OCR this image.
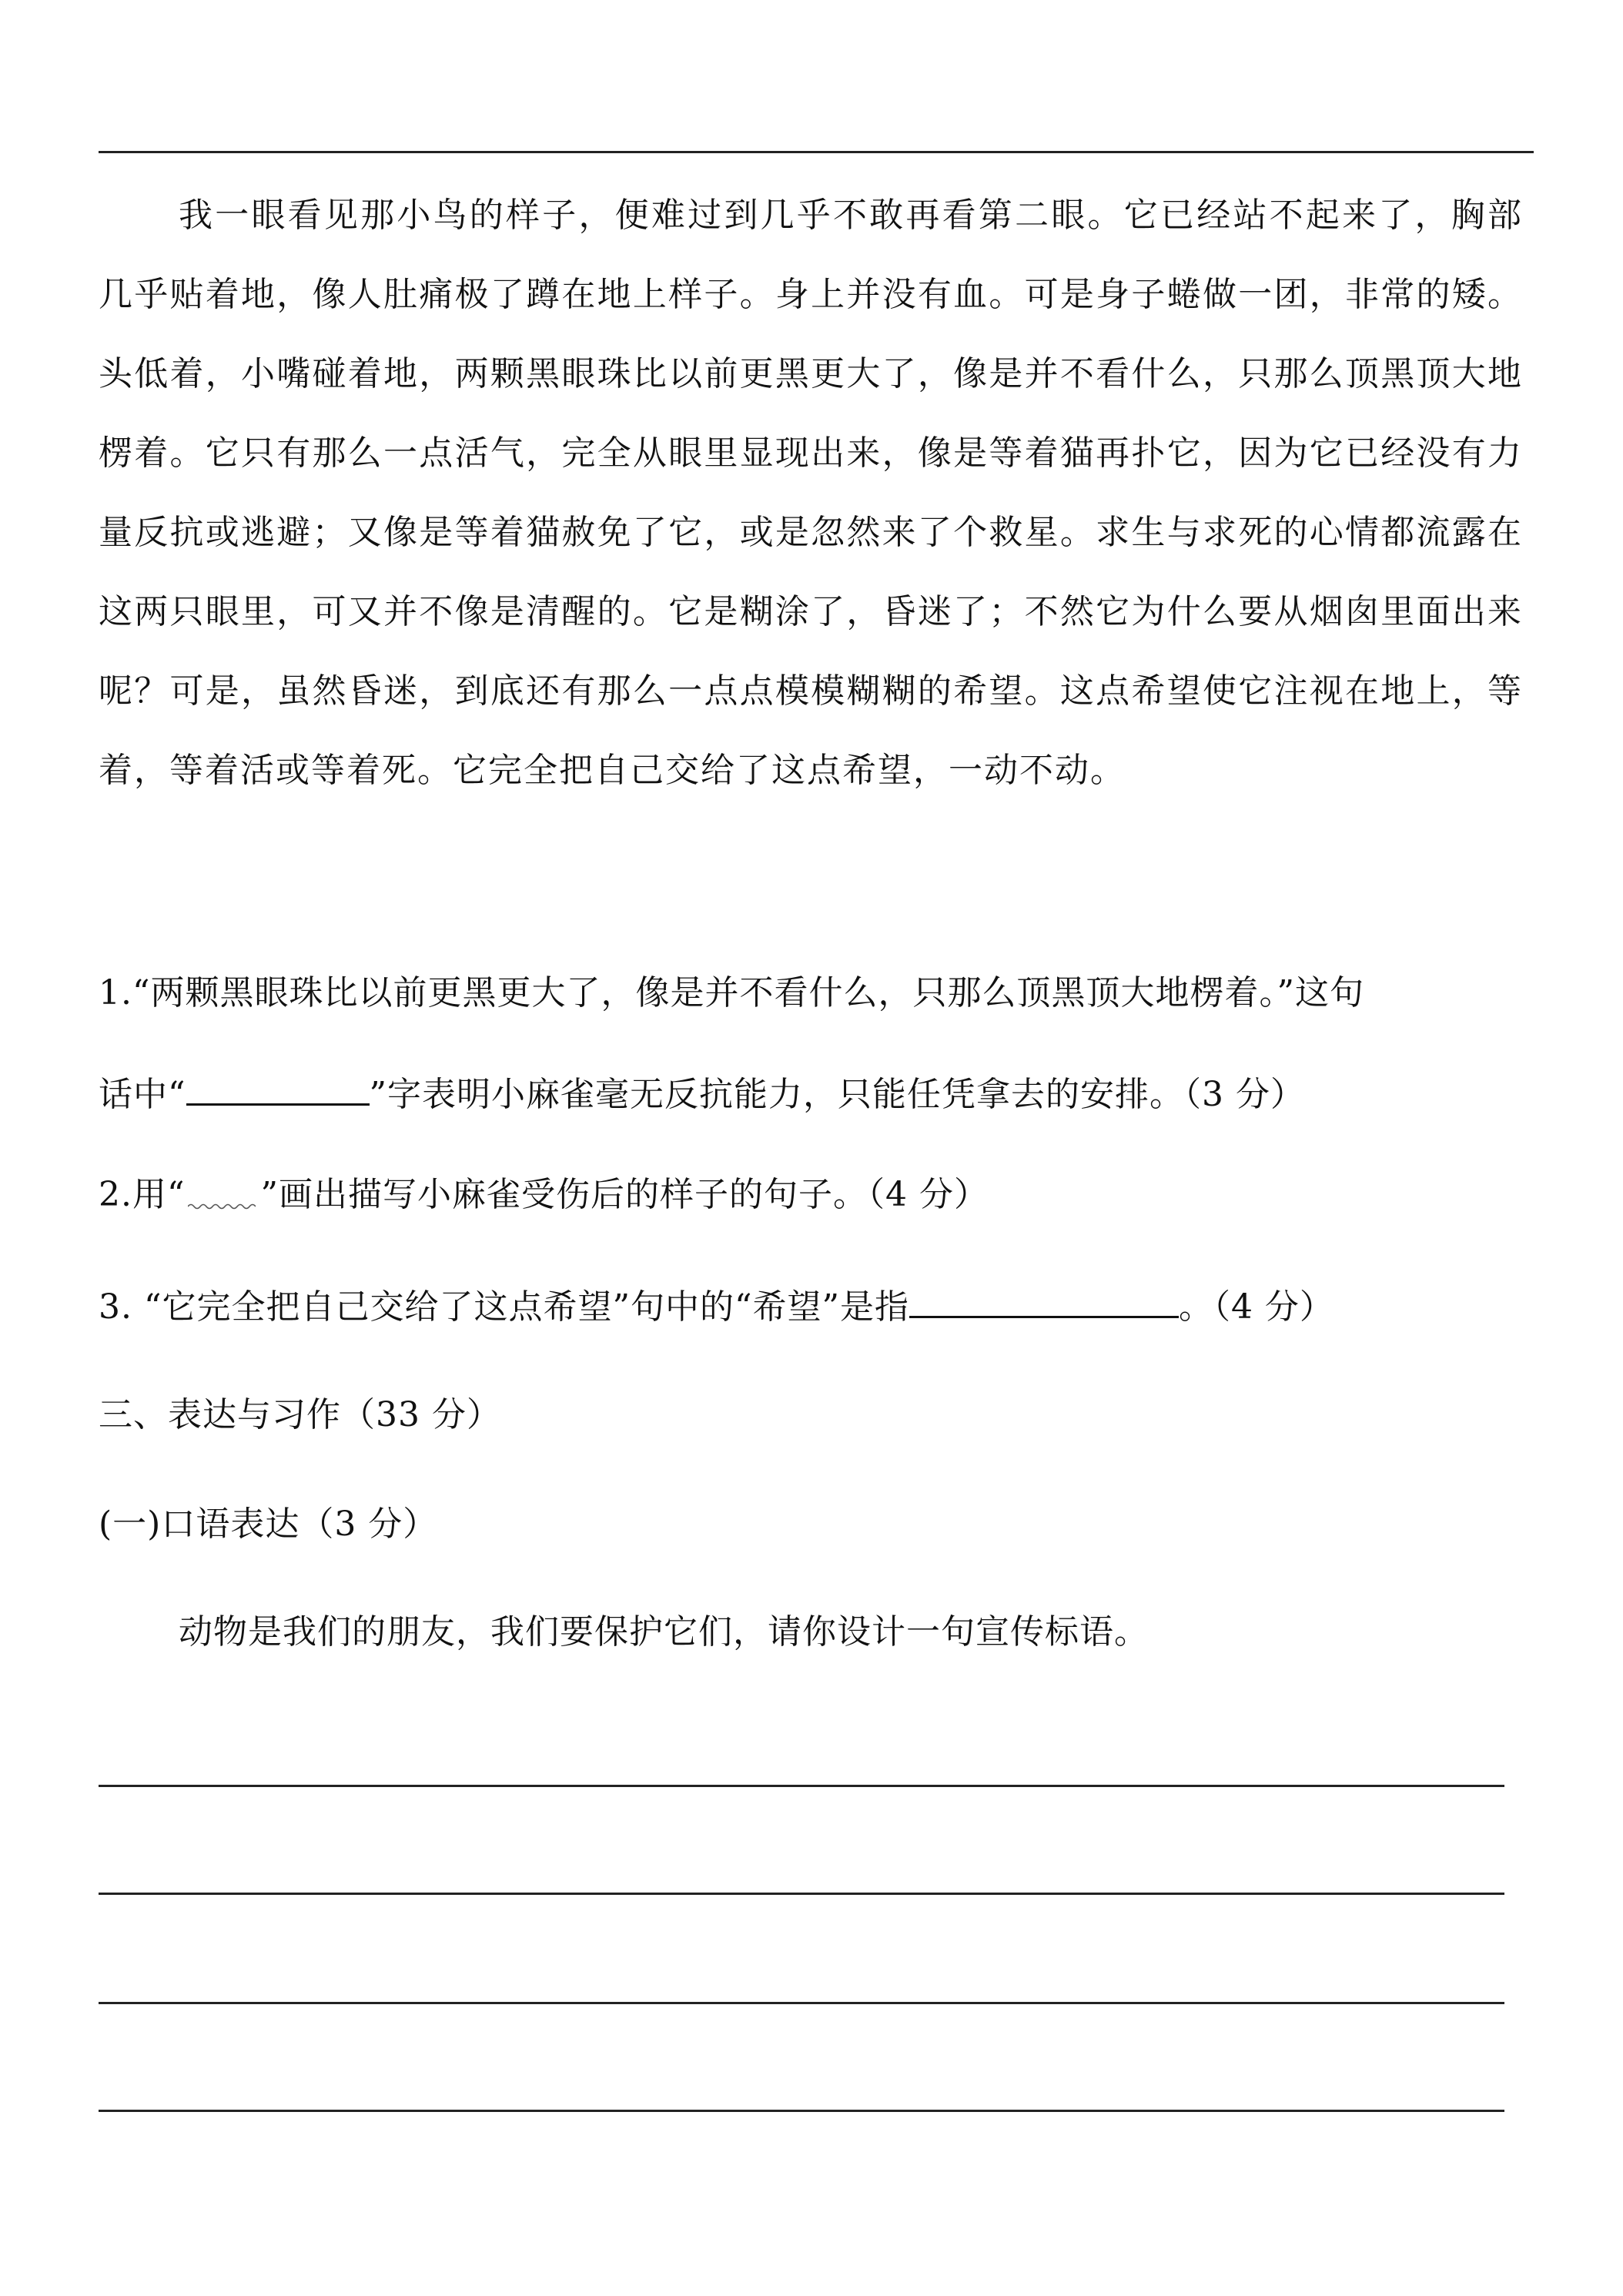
我一眼看见那小鸟的样子，便难过到几乎不敢再看第二眼。它已经站不起来了，胸部几乎贴着地，像人肚痛极了蹲在地上样子。身上并没有血。可是身子蜷做一团，非常的矮。头低着，小嘴碰着地，两颗黑眼珠比以前更黑更大了，像是并不看什么，只那么顶黑顶大地楞着。它只有那么一点活气，完全从眼里显现出来，像是等着猫再扑它，因为它已经没有力量反抗或逃避；又像是等着猫赦免了它，或是忽然来了个救星。求生与求死的心情都流露在这两只眼里，可又并不像是清醒的。它是糊涂了，昏迷了；不然它为什么要从烟囱里面出来呢？可是，虽然昏迷，到底还有那么一点点模模糊糊的希望。这点希望使它注视在地上，等着，等着活或等着死。它完全把自己交给了这点希望，一动不动。

1.“两颗黑眼珠比以前更黑更大了，像是并不看什么，只那么顶黑顶大地楞着。”这句
话中“	”字表明小麻雀毫无反抗能力，只能任凭拿去的安排。（3 分）
2.用“ ”画出描写小麻雀受伤后的样子的句子。（4 分）
3. “它完全把自己交给了这点希望”句中的“希望”是指	。（4 分）
三、表达与习作（33 分）
(一)口语表达（3 分）
动物是我们的朋友，我们要保护它们，请你设计一句宣传标语。
